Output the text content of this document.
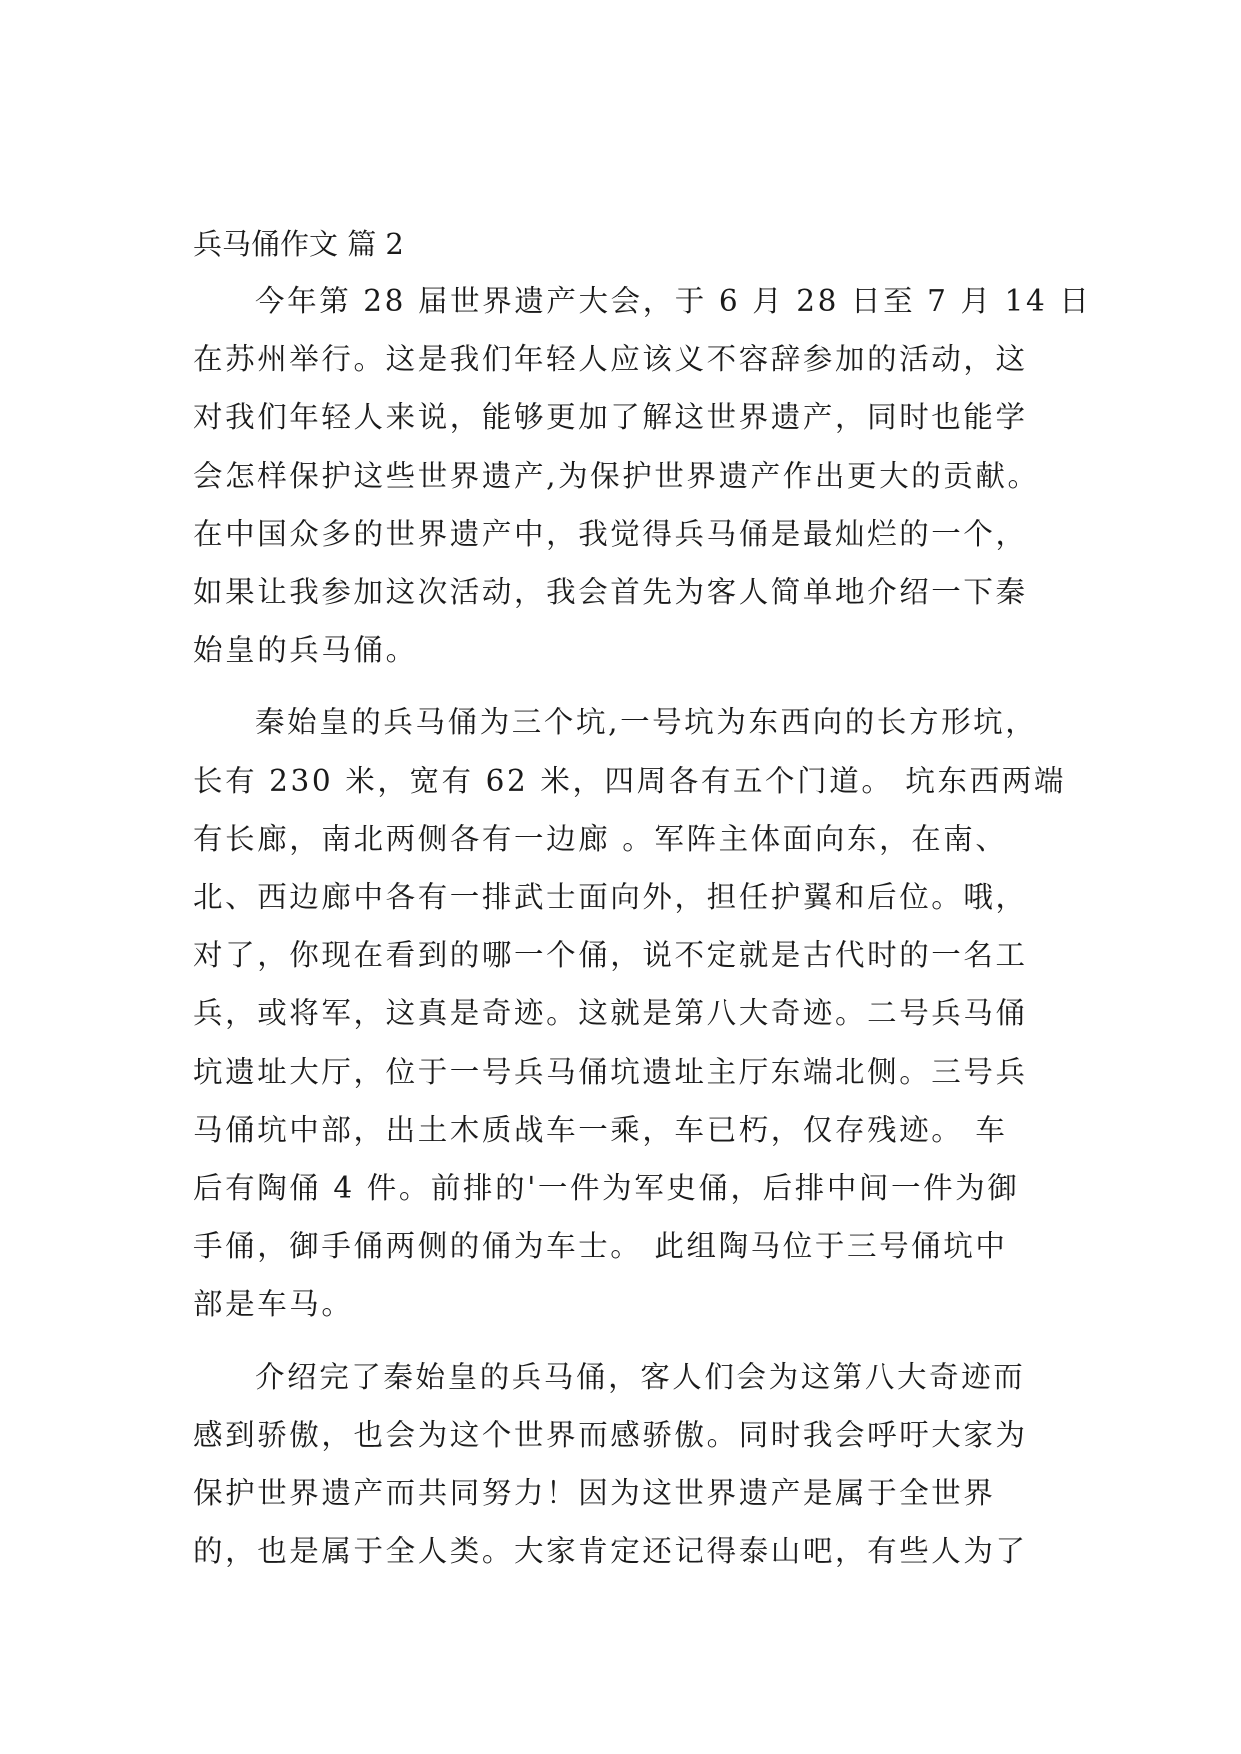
兵马俑作文 篇 2
今年第 28 届世界遗产大会，于 6 月 28 日至 7 月 14 日
在苏州举行。这是我们年轻人应该义不容辞参加的活动，这
对我们年轻人来说，能够更加了解这世界遗产，同时也能学
会怎样保护这些世界遗产,为保护世界遗产作出更大的贡献。
在中国众多的世界遗产中，我觉得兵马俑是最灿烂的一个，
如果让我参加这次活动，我会首先为客人简单地介绍一下秦
始皇的兵马俑。
秦始皇的兵马俑为三个坑,一号坑为东西向的长方形坑，
长有 230 米，宽有 62 米，四周各有五个门道。 坑东西两端
有长廊，南北两侧各有一边廊 。军阵主体面向东，在南、
北、西边廊中各有一排武士面向外，担任护翼和后位。哦，
对了，你现在看到的哪一个俑，说不定就是古代时的一名工
兵，或将军，这真是奇迹。这就是第八大奇迹。二号兵马俑
坑遗址大厅，位于一号兵马俑坑遗址主厅东端北侧。三号兵
马俑坑中部，出土木质战车一乘，车已朽，仅存残迹。 车
后有陶俑 4 件。前排的'一件为军史俑，后排中间一件为御
手俑，御手俑两侧的俑为车士。 此组陶马位于三号俑坑中
部是车马。
介绍完了秦始皇的兵马俑，客人们会为这第八大奇迹而
感到骄傲，也会为这个世界而感骄傲。同时我会呼吁大家为
保护世界遗产而共同努力！因为这世界遗产是属于全世界
的，也是属于全人类。大家肯定还记得泰山吧，有些人为了
